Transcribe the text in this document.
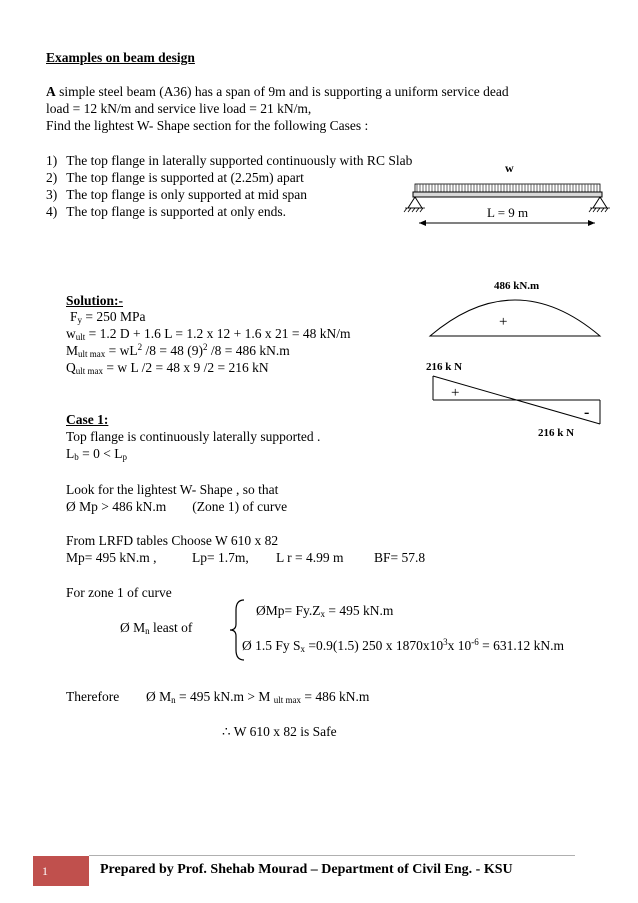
Examples on beam design
A simple steel beam (A36) has a span of 9m and is supporting a uniform service dead
load = 12 kN/m and service live load = 21 kN/m,
Find the lightest W- Shape section for the following Cases :
1) The top flange in laterally supported continuously with RC Slab
2) The top flange is supported at (2.25m) apart
3) The top flange is only supported at mid span
4) The top flange is supported at only ends.
w
L = 9 m
486 kN.m
+
216 k N
+
-
216 k N
Solution:-
$F_y = 250$ MPa
$w_{ult} = 1.2$ D + 1.6 L = 1.2 x 12 + 1.6 x 21 = 48 kN/m
$M_{ult max} = wL^2$ /8 = 48 $(9)^2$ /8 = 486 kN.m
$Q_{ult max} = w$ L /2 = 48 x 9 /2 = 216 kN
Case 1:
Top flange is continuously laterally supported .
$L_b = 0 < L_p$
Look for the lightest W- Shape , so that
Ø Mp > 486 kN.m (Zone 1) of curve
From LRFD tables Choose W 610 x 82
Mp= 495 kN.m ,	Lp= 1.7m, L r = 4.99 m BF= 57.8
For zone 1 of curve
Ø $M_n$ least of
ØMp= $Fy.Z_x = 495$ kN.m
Ø 1.5 Fy $S_x =0.9(1.5)$ 250 x $1870x10^3x$ $10^{-6} = 631.12$ kN.m
Therefore Ø $M_n = 495$ kN.m > M $_{ult max}$ = 486 kN.m
∴ W 610 x 82 is Safe
1	Prepared by Prof. Shehab Mourad – Department of Civil Eng. - KSU
